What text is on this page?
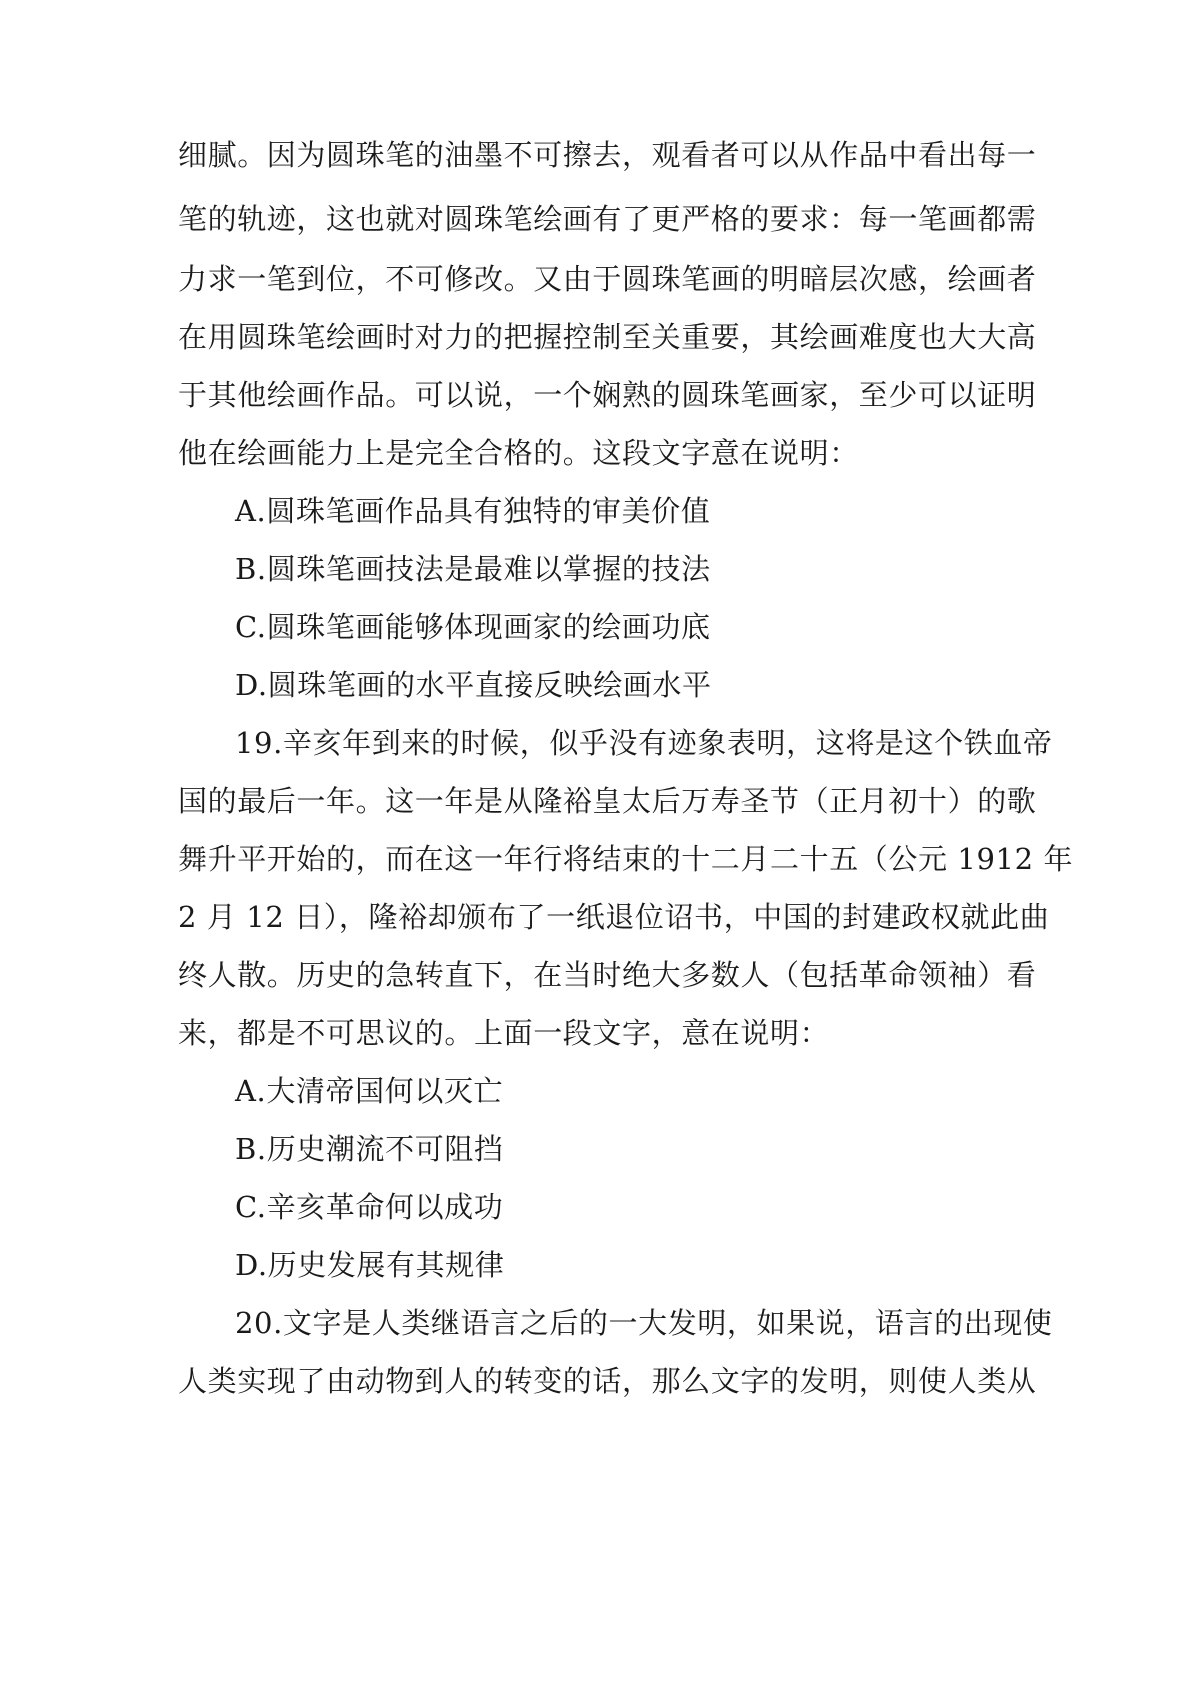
细腻。因为圆珠笔的油墨不可擦去，观看者可以从作品中看出每一
笔的轨迹，这也就对圆珠笔绘画有了更严格的要求：每一笔画都需
力求一笔到位，不可修改。又由于圆珠笔画的明暗层次感，绘画者
在用圆珠笔绘画时对力的把握控制至关重要，其绘画难度也大大高
于其他绘画作品。可以说，一个娴熟的圆珠笔画家，至少可以证明
他在绘画能力上是完全合格的。这段文字意在说明：
A.圆珠笔画作品具有独特的审美价值
B.圆珠笔画技法是最难以掌握的技法
C.圆珠笔画能够体现画家的绘画功底
D.圆珠笔画的水平直接反映绘画水平
19.辛亥年到来的时候，似乎没有迹象表明，这将是这个铁血帝
国的最后一年。这一年是从隆裕皇太后万寿圣节（正月初十）的歌
舞升平开始的，而在这一年行将结束的十二月二十五（公元 1912 年
2 月 12 日），隆裕却颁布了一纸退位诏书，中国的封建政权就此曲
终人散。历史的急转直下，在当时绝大多数人（包括革命领袖）看
来，都是不可思议的。上面一段文字，意在说明：
A.大清帝国何以灭亡
B.历史潮流不可阻挡
C.辛亥革命何以成功
D.历史发展有其规律
20.文字是人类继语言之后的一大发明，如果说，语言的出现使
人类实现了由动物到人的转变的话，那么文字的发明，则使人类从
